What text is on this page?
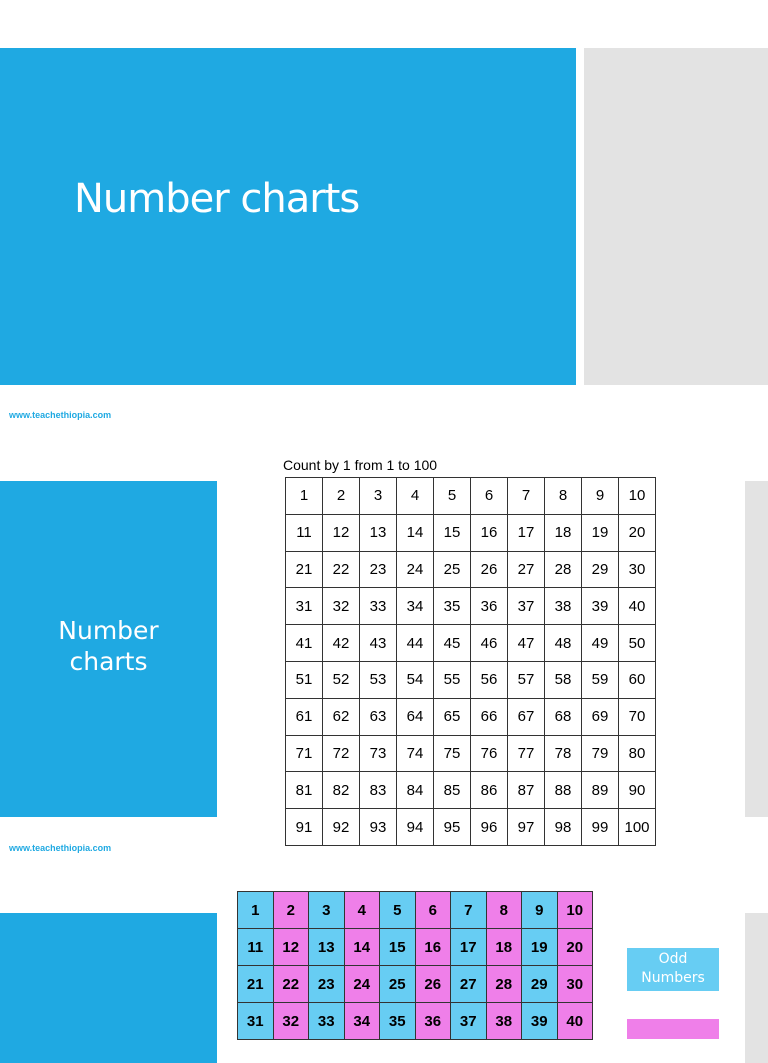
Number charts
www.teachethiopia.com
Number
charts
Count by 1 from 1 to 100
1	2	3	4	5	6	7	8	9	10
11	12	13	14	15	16	17	18	19	20
21	22	23	24	25	26	27	28	29	30
31	32	33	34	35	36	37	38	39	40
41	42	43	44	45	46	47	48	49	50
51	52	53	54	55	56	57	58	59	60
61	62	63	64	65	66	67	68	69	70
71	72	73	74	75	76	77	78	79	80
81	82	83	84	85	86	87	88	89	90
91	92	93	94	95	96	97	98	99	100
www.teachethiopia.com
1	2	3	4	5	6	7	8	9	10
11	12	13	14	15	16	17	18	19	20
21	22	23	24	25	26	27	28	29	30
31	32	33	34	35	36	37	38	39	40
Odd
Numbers
